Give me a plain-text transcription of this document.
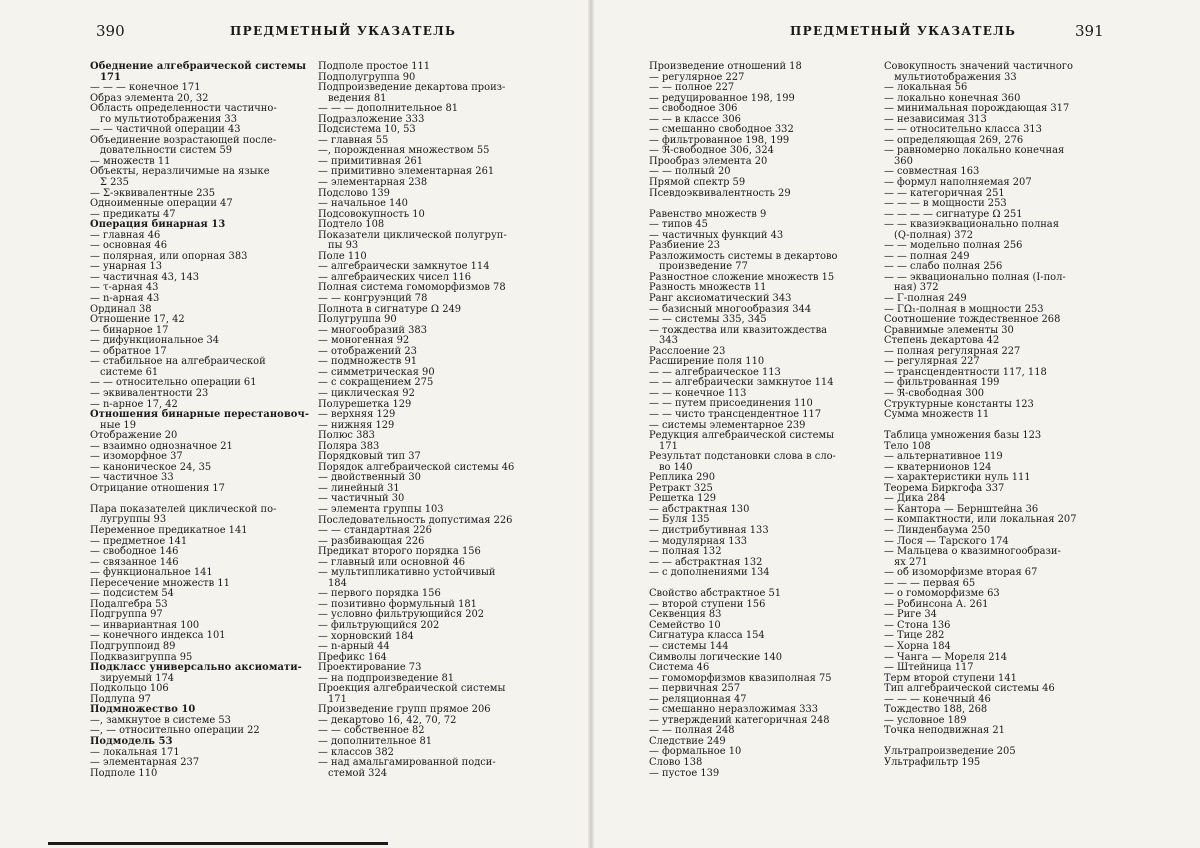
390	ПРЕДМЕТНЫЙ УКАЗАТЕЛЬ
Обеднение алгебраической системы
171
— — — конечное 171
Образ элемента 20, 32
Область определенности частично-
го мультиотображения 33
— — частичной операции 43
Объединение возрастающей после-
довательности систем 59
— множеств 11
Объекты, неразличимые на языке
Σ 235
— Σ-эквивалентные 235
Одноименные операции 47
— предикаты 47
Операция бинарная 13
— главная 46
— основная 46
— полярная, или опорная 383
— унарная 13
— частичная 43, 143
— τ-арная 43
— n-арная 43
Ординал 38
Отношение 17, 42
— бинарное 17
— дифункциональное 34
— обратное 17
— стабильное на алгебраической
системе 61
— — относительно операции 61
— эквивалентности 23
— n-арное 17, 42
Отношения бинарные перестановоч-
ные 19
Отображение 20
— взаимно однозначное 21
— изоморфное 37
— каноническое 24, 35
— частичное 33
Отрицание отношения 17
Пара показателей циклической по-
лугруппы 93
Переменное предикатное 141
— предметное 141
— свободное 146
— связанное 146
— функциональное 141
Пересечение множеств 11
— подсистем 54
Подалгебра 53
Подгруппа 97
— инвариантная 100
— конечного индекса 101
Подгруппоид 89
Подквазигруппа 95
Подкласс универсально аксиомати-
зируемый 174
Подкольцо 106
Подлупа 97
Подмножество 10
—, замкнутое в системе 53
—, — относительно операции 22
Подмодель 53
— локальная 171
— элементарная 237
Подполе 110
Подполе простое 111
Подполугруппа 90
Подпроизведение декартова произ-
ведения 81
— — — дополнительное 81
Подразложение 333
Подсистема 10, 53
— главная 55
—, порожденная множеством 55
— примитивная 261
— примитивно элементарная 261
— элементарная 238
Подслово 139
— начальное 140
Подсовокупность 10
Подтело 108
Показатели циклической полугруп-
пы 93
Поле 110
— алгебраически замкнутое 114
— алгебраических чисел 116
Полная система гомоморфизмов 78
— — конгруэнций 78
Полнота в сигнатуре Ω 249
Полугруппа 90
— многообразий 383
— моногенная 92
— отображений 23
— подмножеств 91
— симметрическая 90
— с сокращением 275
— циклическая 92
Полурешетка 129
— верхняя 129
— нижняя 129
Полюс 383
Поляра 383
Порядковый тип 37
Порядок алгебраической системы 46
— двойственный 30
— линейный 31
— частичный 30
— элемента группы 103
Последовательность допустимая 226
— — стандартная 226
— разбивающая 226
Предикат второго порядка 156
— главный или основной 46
— мультипликативно устойчивый
184
— первого порядка 156
— позитивно формульный 181
— условно фильтрующийся 202
— фильтрующийся 202
— хорновский 184
— n-арный 44
Префикс 164
Проектирование 73
— на подпроизведение 81
Проекция алгебраической системы
171
Произведение групп прямое 206
— декартово 16, 42, 70, 72
— — собственное 82
— дополнительное 81
— классов 382
— над амальгамированной подси-
стемой 324
ПРЕДМЕТНЫЙ УКАЗАТЕЛЬ	391
Произведение отношений 18
— регулярное 227
— — полное 227
— редуцированное 198, 199
— свободное 306
— — в классе 306
— смешанно свободное 332
— фильтрованное 198, 199
— ℜ-свободное 306, 324
Прообраз элемента 20
— — полный 20
Прямой спектр 59
Псевдоэквивалентность 29
Равенство множеств 9
— типов 45
— частичных функций 43
Разбиение 23
Разложимость системы в декартово
произведение 77
Разностное сложение множеств 15
Разность множеств 11
Ранг аксиоматический 343
— базисный многообразия 344
— — системы 335, 345
— тождества или квазитождества
343
Расслоение 23
Расширение поля 110
— — алгебраическое 113
— — алгебраически замкнутое 114
— — конечное 113
— — путем присоединения 110
— — чисто трансцендентное 117
— системы элементарное 239
Редукция алгебраической системы
171
Результат подстановки слова в сло-
во 140
Реплика 290
Ретракт 325
Решетка 129
— абстрактная 130
— Буля 135
— дистрибутивная 133
— модулярная 133
— полная 132
— — абстрактная 132
— с дополнениями 134
Свойство абстрактное 51
— второй ступени 156
Секвенция 83
Семейство 10
Сигнатура класса 154
— системы 144
Символы логические 140
Система 46
— гомоморфизмов квазиполная 75
— первичная 257
— реляционная 47
— смешанно неразложимая 333
— утверждений категоричная 248
— — полная 248
Следствие 249
— формальное 10
Слово 138
— пустое 139
Совокупность значений частичного
мультиотображения 33
— локальная 56
— локально конечная 360
— минимальная порождающая 317
— независимая 313
— — относительно класса 313
— определяющая 269, 276
— равномерно локально конечная
360
— совместная 163
— формул наполняемая 207
— — категоричная 251
— — — в мощности 253
— — — — сигнатуре Ω 251
— — квазиэквационально полная
(Q-полная) 372
— — модельно полная 256
— — полная 249
— — слабо полная 256
— — эквационально полная (I-пол-
ная) 372
— Γ-полная 249
— ΓΩ₁-полная в мощности 253
Соотношение тождественное 268
Сравнимые элементы 30
Степень декартова 42
— полная регулярная 227
— регулярная 227
— трансцендентности 117, 118
— фильтрованная 199
— ℜ-свободная 300
Структурные константы 123
Сумма множеств 11
Таблица умножения базы 123
Тело 108
— альтернативное 119
— кватернионов 124
— характеристики нуль 111
Теорема Биркгофа 337
— Дика 284
— Кантора — Бернштейна 36
— компактности, или локальная 207
— Линденбаума 250
— Лося — Тарского 174
— Мальцева о квазимногообрази-
ях 271
— об изоморфизме вторая 67
— — — первая 65
— о гомоморфизме 63
— Робинсона А. 261
— Риге 34
— Стона 136
— Тице 282
— Хорна 184
— Чанга — Мореля 214
— Штейница 117
Терм второй ступени 141
Тип алгебраической системы 46
— — — конечный 46
Тождество 188, 268
— условное 189
Точка неподвижная 21
Ультрапроизведение 205
Ультрафильтр 195
